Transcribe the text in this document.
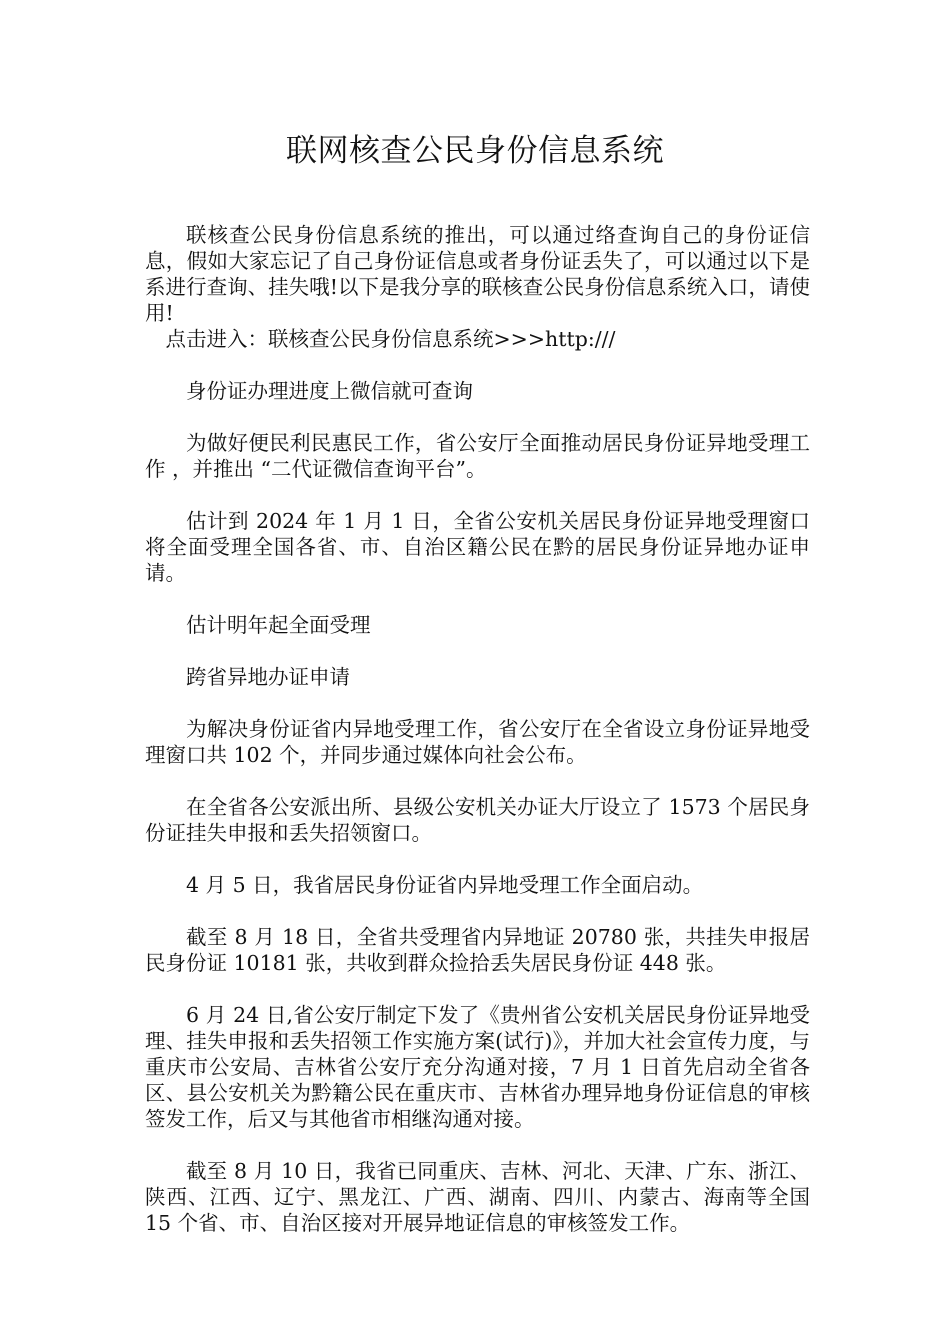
联网核查公民身份信息系统

联核查公民身份信息系统的推出，可以通过络查询自己的身份证信息，假如大家忘记了自己身份证信息或者身份证丢失了，可以通过以下是系进行查询、挂失哦!以下是我分享的联核查公民身份信息系统入口，请使用!

点击进入：联核查公民身份信息系统>>>http:///

身份证办理进度上微信就可查询

为做好便民利民惠民工作，省公安厅全面推动居民身份证异地受理工作 ，并推出 “二代证微信查询平台”。

估计到 2024 年 1 月 1 日，全省公安机关居民身份证异地受理窗口将全面受理全国各省、市、自治区籍公民在黔的居民身份证异地办证申请。

估计明年起全面受理

跨省异地办证申请

为解决身份证省内异地受理工作，省公安厅在全省设立身份证异地受理窗口共 102 个，并同步通过媒体向社会公布。

在全省各公安派出所、县级公安机关办证大厅设立了 1573 个居民身份证挂失申报和丢失招领窗口。

4 月 5 日，我省居民身份证省内异地受理工作全面启动。

截至 8 月 18 日，全省共受理省内异地证 20780 张，共挂失申报居民身份证 10181 张，共收到群众捡拾丢失居民身份证 448 张。

6 月 24 日,省公安厅制定下发了《贵州省公安机关居民身份证异地受理、挂失申报和丢失招领工作实施方案(试行)》，并加大社会宣传力度，与重庆市公安局、吉林省公安厅充分沟通对接，7 月 1 日首先启动全省各区、县公安机关为黔籍公民在重庆市、吉林省办理异地身份证信息的审核签发工作，后又与其他省市相继沟通对接。

截至 8 月 10 日，我省已同重庆、吉林、河北、天津、广东、浙江、陕西、江西、辽宁、黑龙江、广西、湖南、四川、内蒙古、海南等全国 15 个省、市、自治区接对开展异地证信息的审核签发工作。
